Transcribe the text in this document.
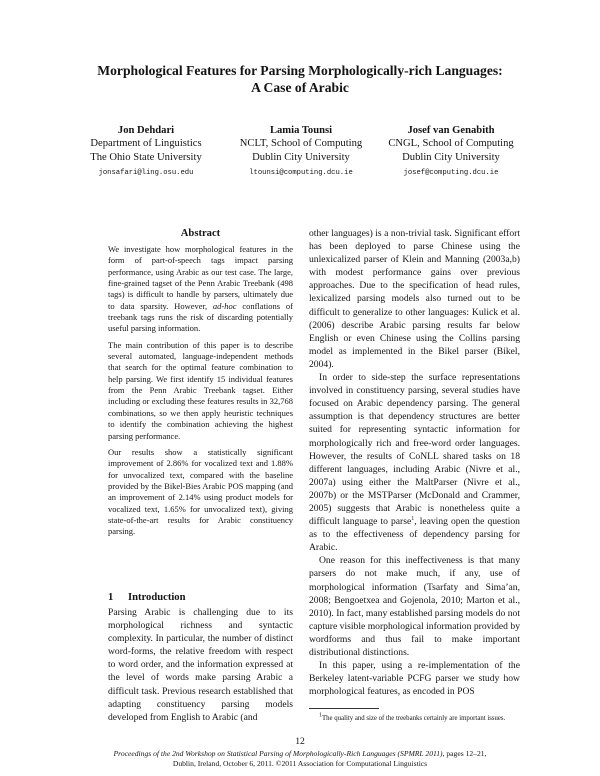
Morphological Features for Parsing Morphologically-rich Languages:
A Case of Arabic
Jon Dehdari
Department of Linguistics
The Ohio State University
jonsafari@ling.osu.edu
Lamia Tounsi
NCLT, School of Computing
Dublin City University
ltounsi@computing.dcu.ie
Josef van Genabith
CNGL, School of Computing
Dublin City University
josef@computing.dcu.ie
Abstract

We investigate how morphological features in the form of part-of-speech tags impact parsing performance, using Arabic as our test case. The large, fine-grained tagset of the Penn Arabic Treebank (498 tags) is difficult to handle by parsers, ultimately due to data sparsity. However, ad-hoc conflations of treebank tags runs the risk of discarding potentially useful parsing information.

The main contribution of this paper is to describe several automated, language-independent methods that search for the optimal feature combination to help parsing. We first identify 15 individual features from the Penn Arabic Treebank tagset. Either including or excluding these features results in 32,768 combinations, so we then apply heuristic techniques to identify the combination achieving the highest parsing performance.

Our results show a statistically significant improvement of 2.86% for vocalized text and 1.88% for unvocalized text, compared with the baseline provided by the Bikel-Bies Arabic POS mapping (and an improvement of 2.14% using product models for vocalized text, 1.65% for unvocalized text), giving state-of-the-art results for Arabic constituency parsing.

1 Introduction

Parsing Arabic is challenging due to its morphological richness and syntactic complexity. In particular, the number of distinct word-forms, the relative freedom with respect to word order, and the information expressed at the level of words make parsing Arabic a difficult task. Previous research established that adapting constituency parsing models developed from English to Arabic (and

other languages) is a non-trivial task. Significant effort has been deployed to parse Chinese using the unlexicalized parser of Klein and Manning (2003a,b) with modest performance gains over previous approaches. Due to the specification of head rules, lexicalized parsing models also turned out to be difficult to generalize to other languages: Kulick et al. (2006) describe Arabic parsing results far below English or even Chinese using the Collins parsing model as implemented in the Bikel parser (Bikel, 2004).

In order to side-step the surface representations involved in constituency parsing, several studies have focused on Arabic dependency parsing. The general assumption is that dependency structures are better suited for representing syntactic information for morphologically rich and free-word order languages. However, the results of CoNLL shared tasks on 18 different languages, including Arabic (Nivre et al., 2007a) using either the MaltParser (Nivre et al., 2007b) or the MSTParser (McDonald and Crammer, 2005) suggests that Arabic is nonetheless quite a difficult language to parse$^1$, leaving open the question as to the effectiveness of dependency parsing for Arabic.

One reason for this ineffectiveness is that many parsers do not make much, if any, use of morphological information (Tsarfaty and Sima’an, 2008; Bengoetxea and Gojenola, 2010; Marton et al., 2010). In fact, many established parsing models do not capture visible morphological information provided by wordforms and thus fail to make important distributional distinctions.

In this paper, using a re-implementation of the Berkeley latent-variable PCFG parser we study how morphological features, as encoded in POS

$^1$The quality and size of the treebanks certainly are important issues.
12
Proceedings of the 2nd Workshop on Statistical Parsing of Morphologically-Rich Languages (SPMRL 2011), pages 12–21,
Dublin, Ireland, October 6, 2011. ©2011 Association for Computational Linguistics
